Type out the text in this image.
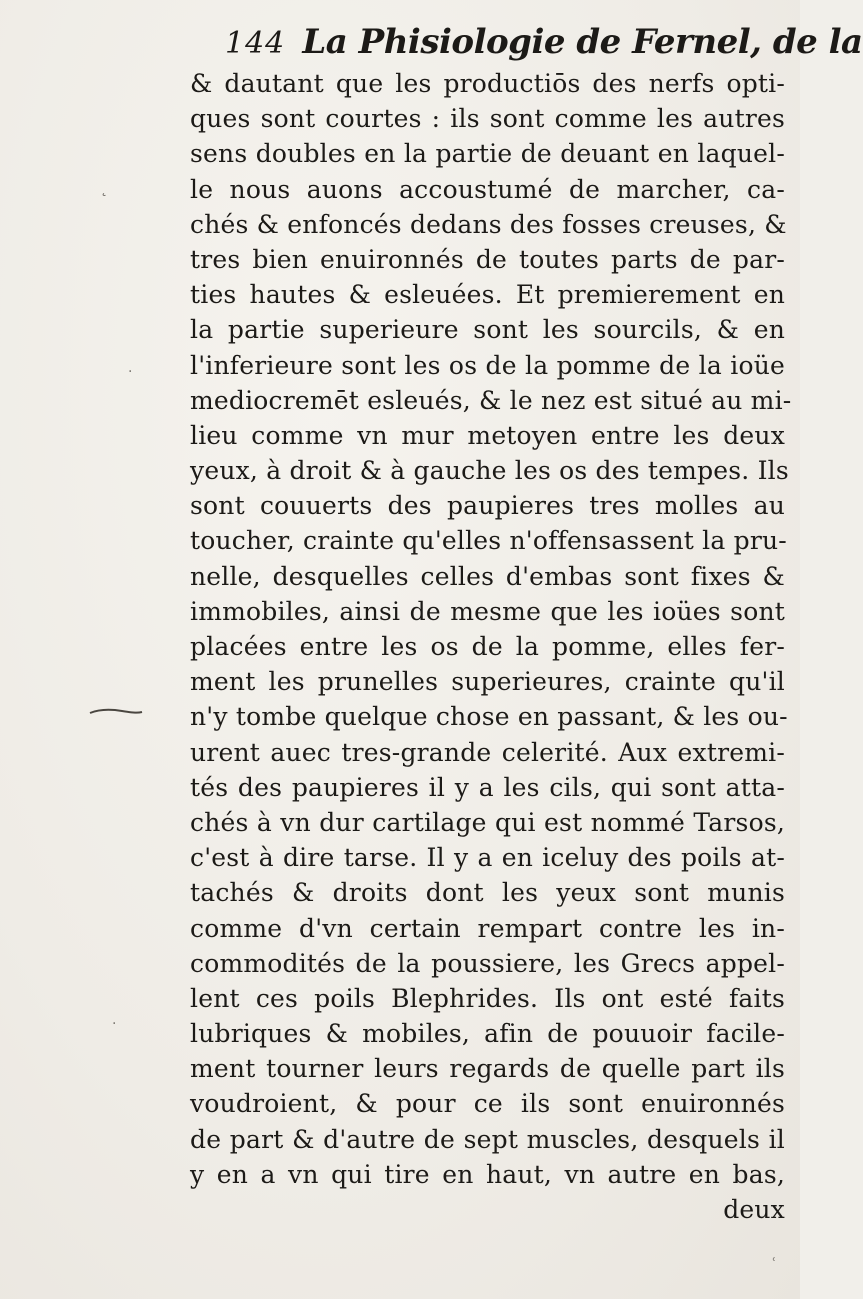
144 La Phisiologie de Fernel, de la
& dautant que les productiōs des nerfs opti-
ques sont courtes : ils sont comme les autres
sens doubles en la partie de deuant en laquel-
le nous auons accoustumé de marcher, ca-
chés & enfoncés dedans des fosses creuses, &
tres bien enuironnés de toutes parts de par-
ties hautes & esleuées. Et premierement en
la partie superieure sont les sourcils, & en
l'inferieure sont les os de la pomme de la ioüe
mediocremēt esleués, & le nez est situé au mi-
lieu comme vn mur metoyen entre les deux
yeux, à droit & à gauche les os des tempes. Ils
sont couuerts des paupieres tres molles au
toucher, crainte qu'elles n'offensassent la pru-
nelle, desquelles celles d'embas sont fixes &
immobiles, ainsi de mesme que les ioües sont
placées entre les os de la pomme, elles fer-
ment les prunelles superieures, crainte qu'il
n'y tombe quelque chose en passant, & les ou-
urent auec tres-grande celerité. Aux extremi-
tés des paupieres il y a les cils, qui sont atta-
chés à vn dur cartilage qui est nommé Tarsos,
c'est à dire tarse. Il y a en iceluy des poils at-
tachés & droits dont les yeux sont munis
comme d'vn certain rempart contre les in-
commodités de la poussiere, les Grecs appel-
lent ces poils Blephrides. Ils ont esté faits
lubriques & mobiles, afin de pouuoir facile-
ment tourner leurs regards de quelle part ils
voudroient, & pour ce ils sont enuironnés
de part & d'autre de sept muscles, desquels il
y en a vn qui tire en haut, vn autre en bas,
deux
˛
·
·
ʿ
